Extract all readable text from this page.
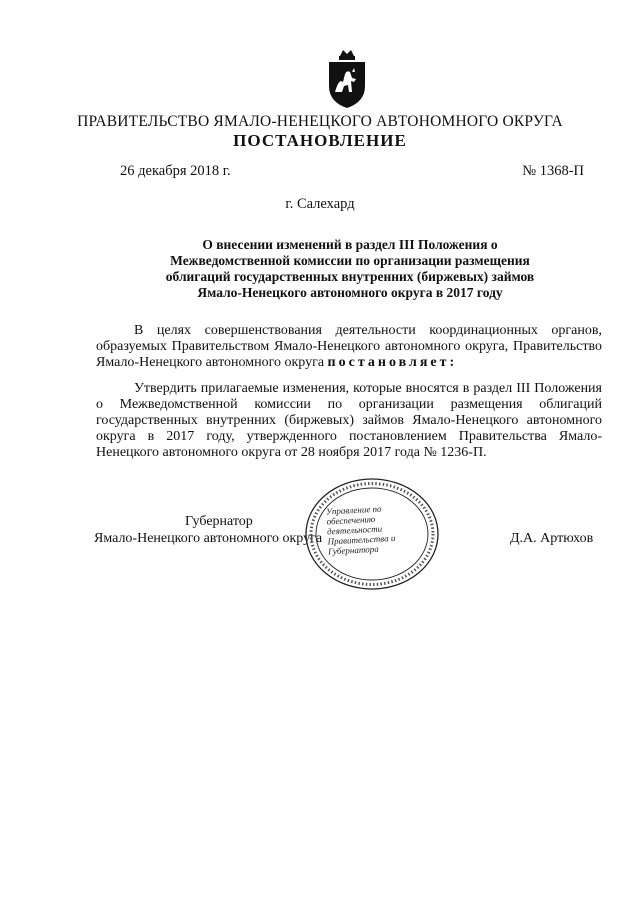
ПРАВИТЕЛЬСТВО ЯМАЛО-НЕНЕЦКОГО АВТОНОМНОГО ОКРУГА
ПОСТАНОВЛЕНИЕ
26 декабря 2018 г.	№ 1368-П
г. Салехард
О внесении изменений в раздел III Положения о Межведомственной комиссии по организации размещения облигаций государственных внутренних (биржевых) займов Ямало-Ненецкого автономного округа в 2017 году
В целях совершенствования деятельности координационных органов, образуемых Правительством Ямало-Ненецкого автономного округа, Правительство Ямало-Ненецкого автономного округа постановляет:
Утвердить прилагаемые изменения, которые вносятся в раздел III Положения о Межведомственной комиссии по организации размещения облигаций государственных внутренних (биржевых) займов Ямало-Ненецкого автономного округа в 2017 году, утвержденного постановлением Правительства Ямало-Ненецкого автономного округа от 28 ноября 2017 года № 1236-П.
Губернатор
Ямало-Ненецкого автономного округа	Д.А. Артюхов
Управление по обеспечению деятельности Правительства и Губернатора
